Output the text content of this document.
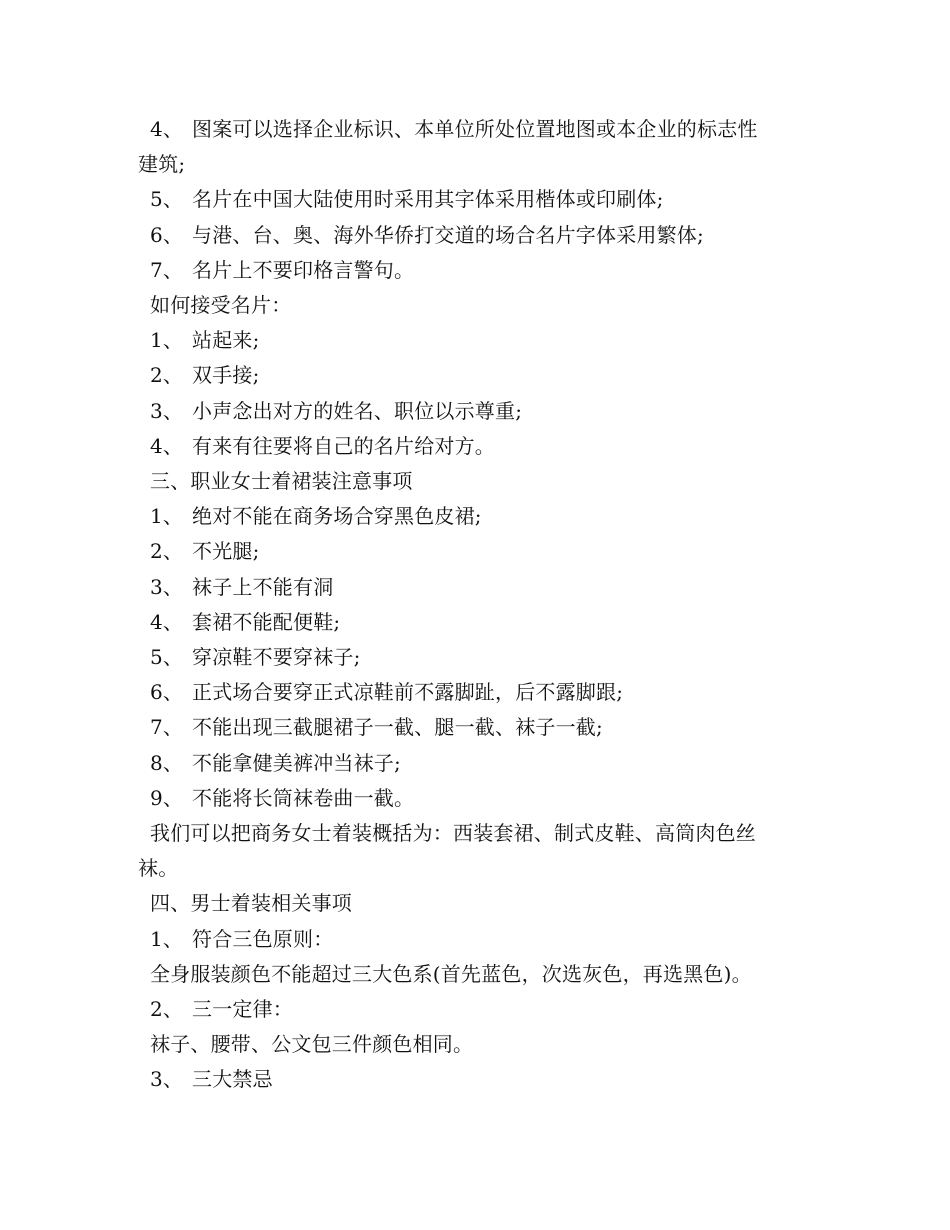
4、 图案可以选择企业标识、本单位所处位置地图或本企业的标志性
建筑;
5、 名片在中国大陆使用时采用其字体采用楷体或印刷体;
6、 与港、台、奥、海外华侨打交道的场合名片字体采用繁体;
7、 名片上不要印格言警句。
如何接受名片：
1、 站起来;
2、 双手接;
3、 小声念出对方的姓名、职位以示尊重;
4、 有来有往要将自己的名片给对方。
三、职业女士着裙装注意事项
1、 绝对不能在商务场合穿黑色皮裙;
2、 不光腿;
3、 袜子上不能有洞
4、 套裙不能配便鞋;
5、 穿凉鞋不要穿袜子;
6、 正式场合要穿正式凉鞋前不露脚趾，后不露脚跟;
7、 不能出现三截腿裙子一截、腿一截、袜子一截;
8、 不能拿健美裤冲当袜子;
9、 不能将长筒袜卷曲一截。
我们可以把商务女士着装概括为：西装套裙、制式皮鞋、高筒肉色丝
袜。
四、男士着装相关事项
1、 符合三色原则：
全身服装颜色不能超过三大色系(首先蓝色，次选灰色，再选黑色)。
2、 三一定律：
袜子、腰带、公文包三件颜色相同。
3、 三大禁忌
